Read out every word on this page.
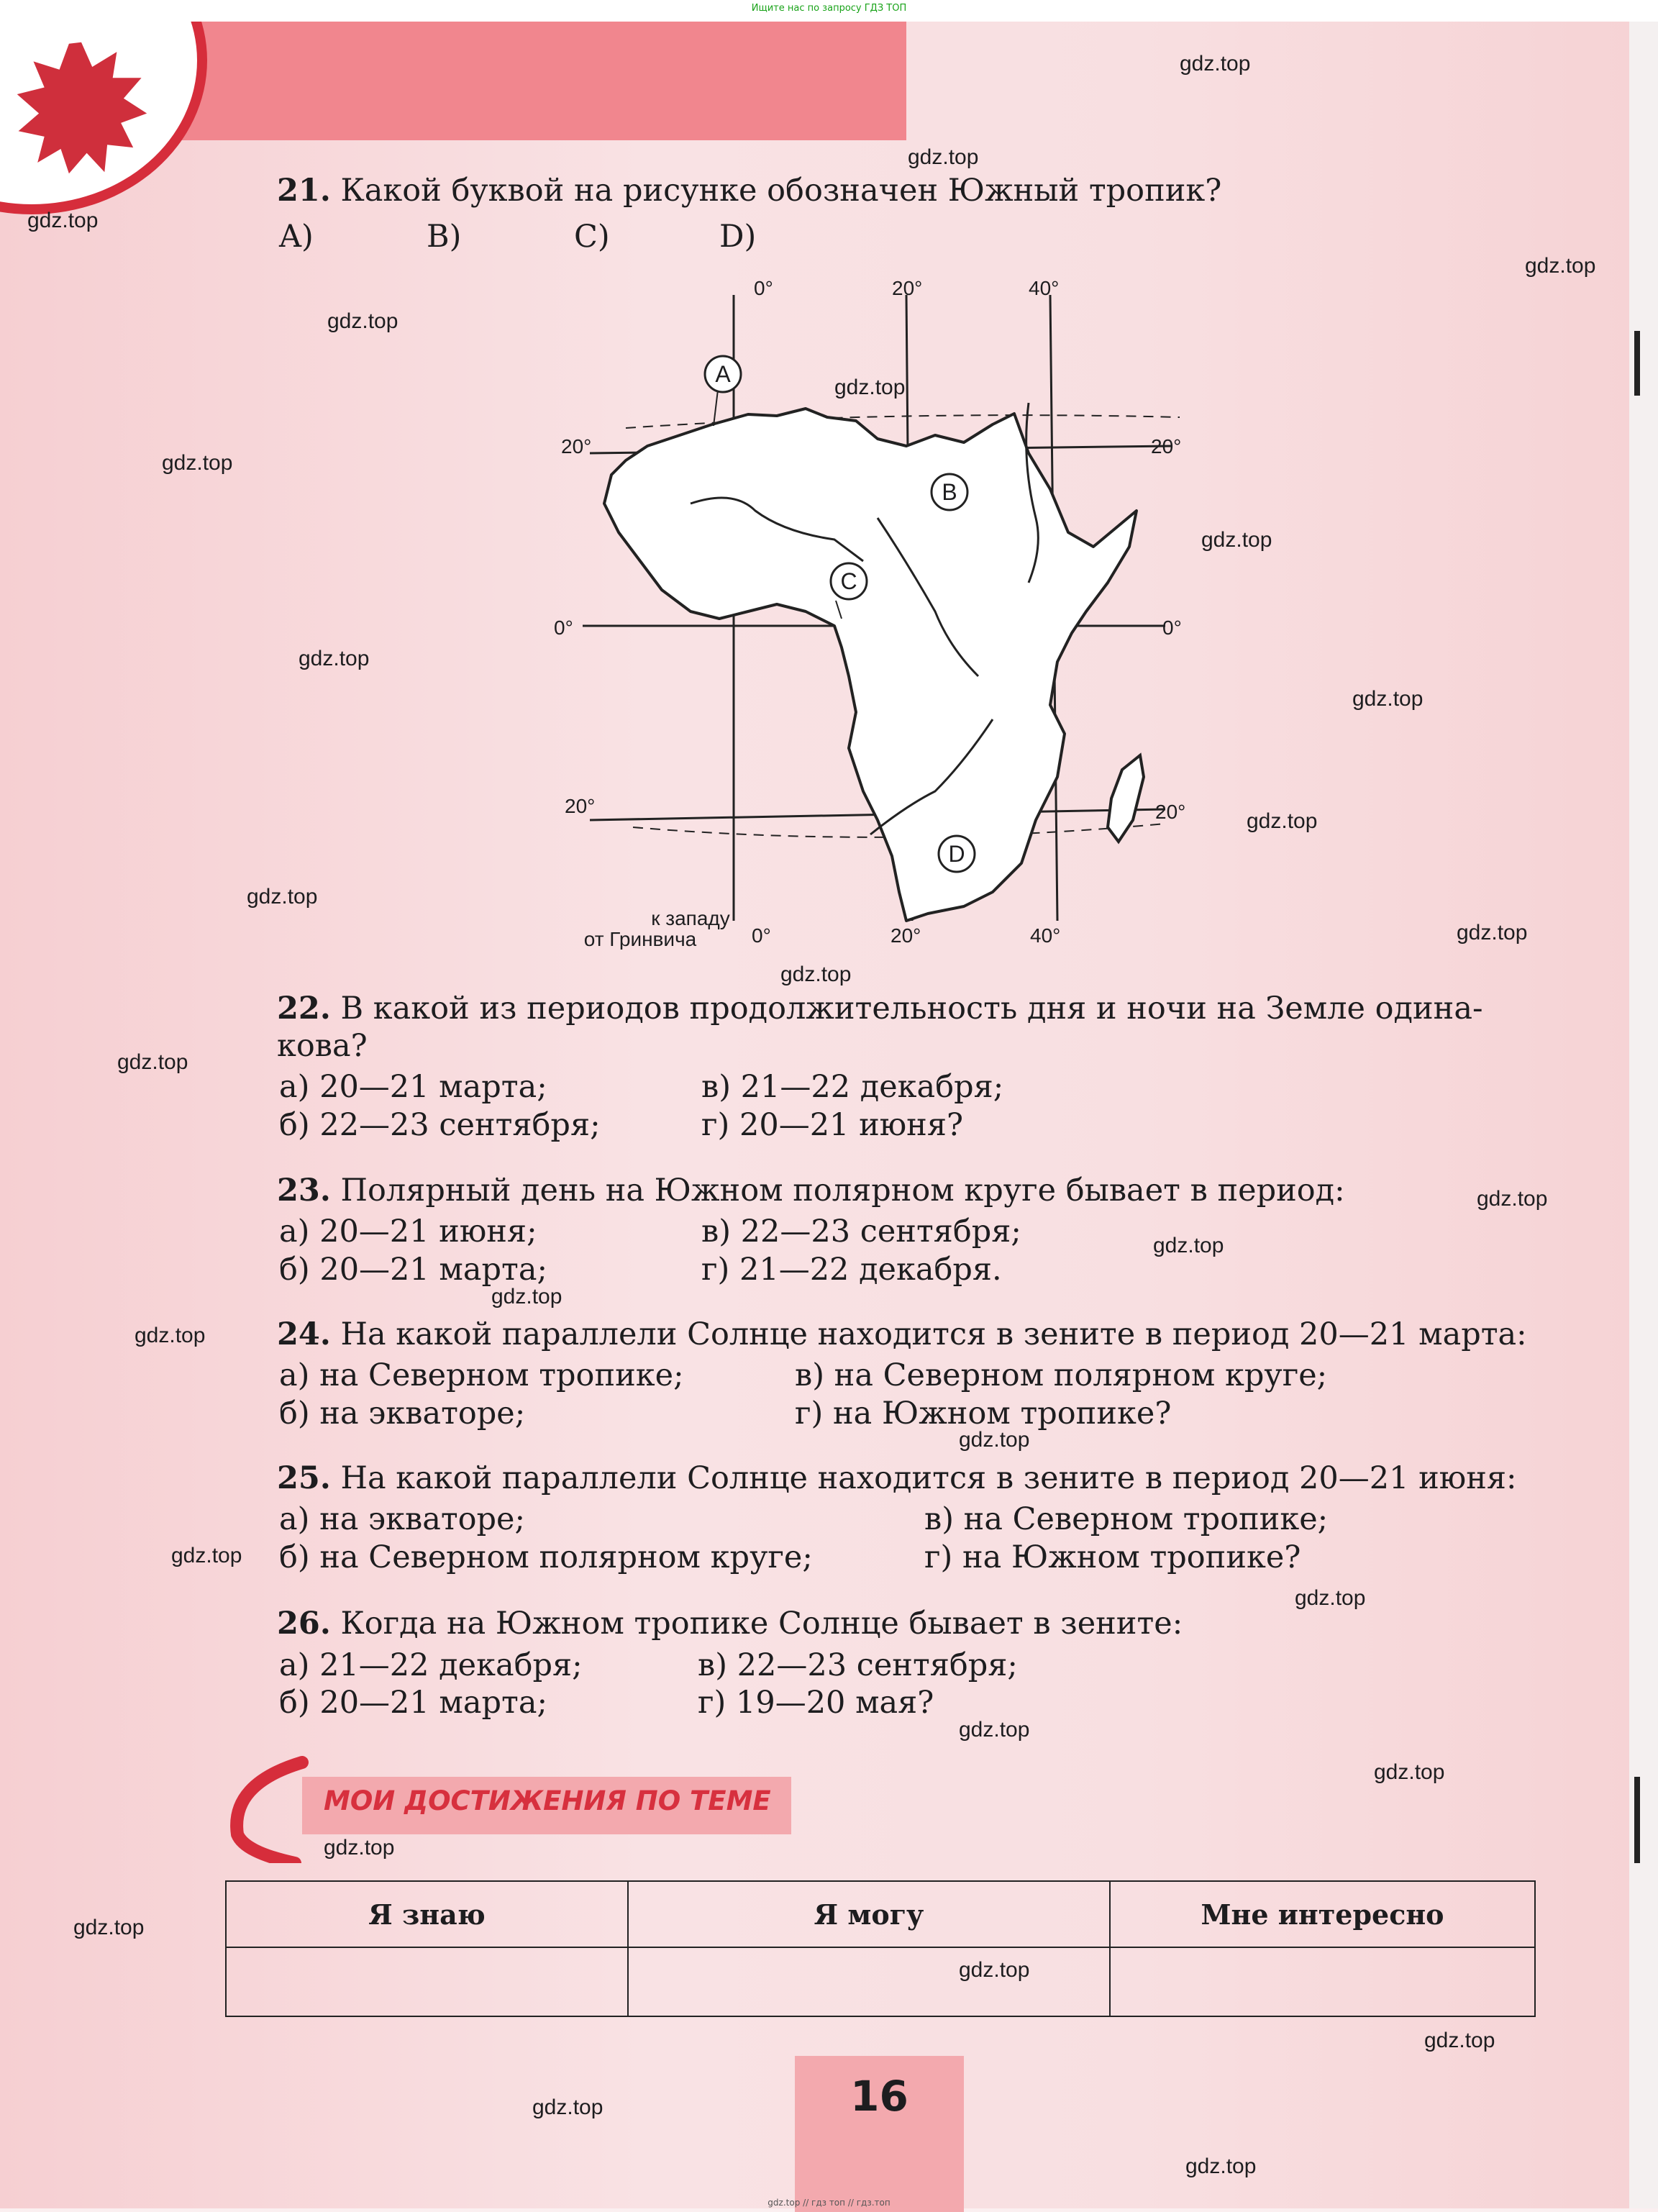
Ищите нас по запросу ГДЗ ТОП
21. Какой буквой на рисунке обозначен Южный тропик?
A)	B)	C)	D)
A
B
C
D
0°	20°	40°
20°	20°
0°	0°
20°	20°
0°	20°	40°
к западу
от Гринвича
22. В какой из периодов продолжительность дня и ночи на Земле одина-
кова?
а) 20—21 марта;	в) 21—22 декабря;
б) 22—23 сентября;	г) 20—21 июня?
23. Полярный день на Южном полярном круге бывает в период:
а) 20—21 июня;	в) 22—23 сентября;
б) 20—21 марта;	г) 21—22 декабря.
24. На какой параллели Солнце находится в зените в период 20—21 марта:
а) на Северном тропике;	в) на Северном полярном круге;
б) на экваторе;	г) на Южном тропике?
25. На какой параллели Солнце находится в зените в период 20—21 июня:
а) на экваторе;	в) на Северном тропике;
б) на Северном полярном круге;	г) на Южном тропике?
26. Когда на Южном тропике Солнце бывает в зените:
а) 21—22 декабря;	в) 22—23 сентября;
б) 20—21 марта;	г) 19—20 мая?
МОИ ДОСТИЖЕНИЯ ПО ТЕМЕ
Я знаю	Я могу	Мне интересно

16
gdz.top // гдз топ // гдз.топ
gdz.top
gdz.top
gdz.top
gdz.top
gdz.top
gdz.top
gdz.top
gdz.top
gdz.top
gdz.top
gdz.top
gdz.top
gdz.top
gdz.top
gdz.top
gdz.top
gdz.top
gdz.top
gdz.top
gdz.top
gdz.top
gdz.top
gdz.top
gdz.top
gdz.top
gdz.top
gdz.top
gdz.top
gdz.top
gdz.top
